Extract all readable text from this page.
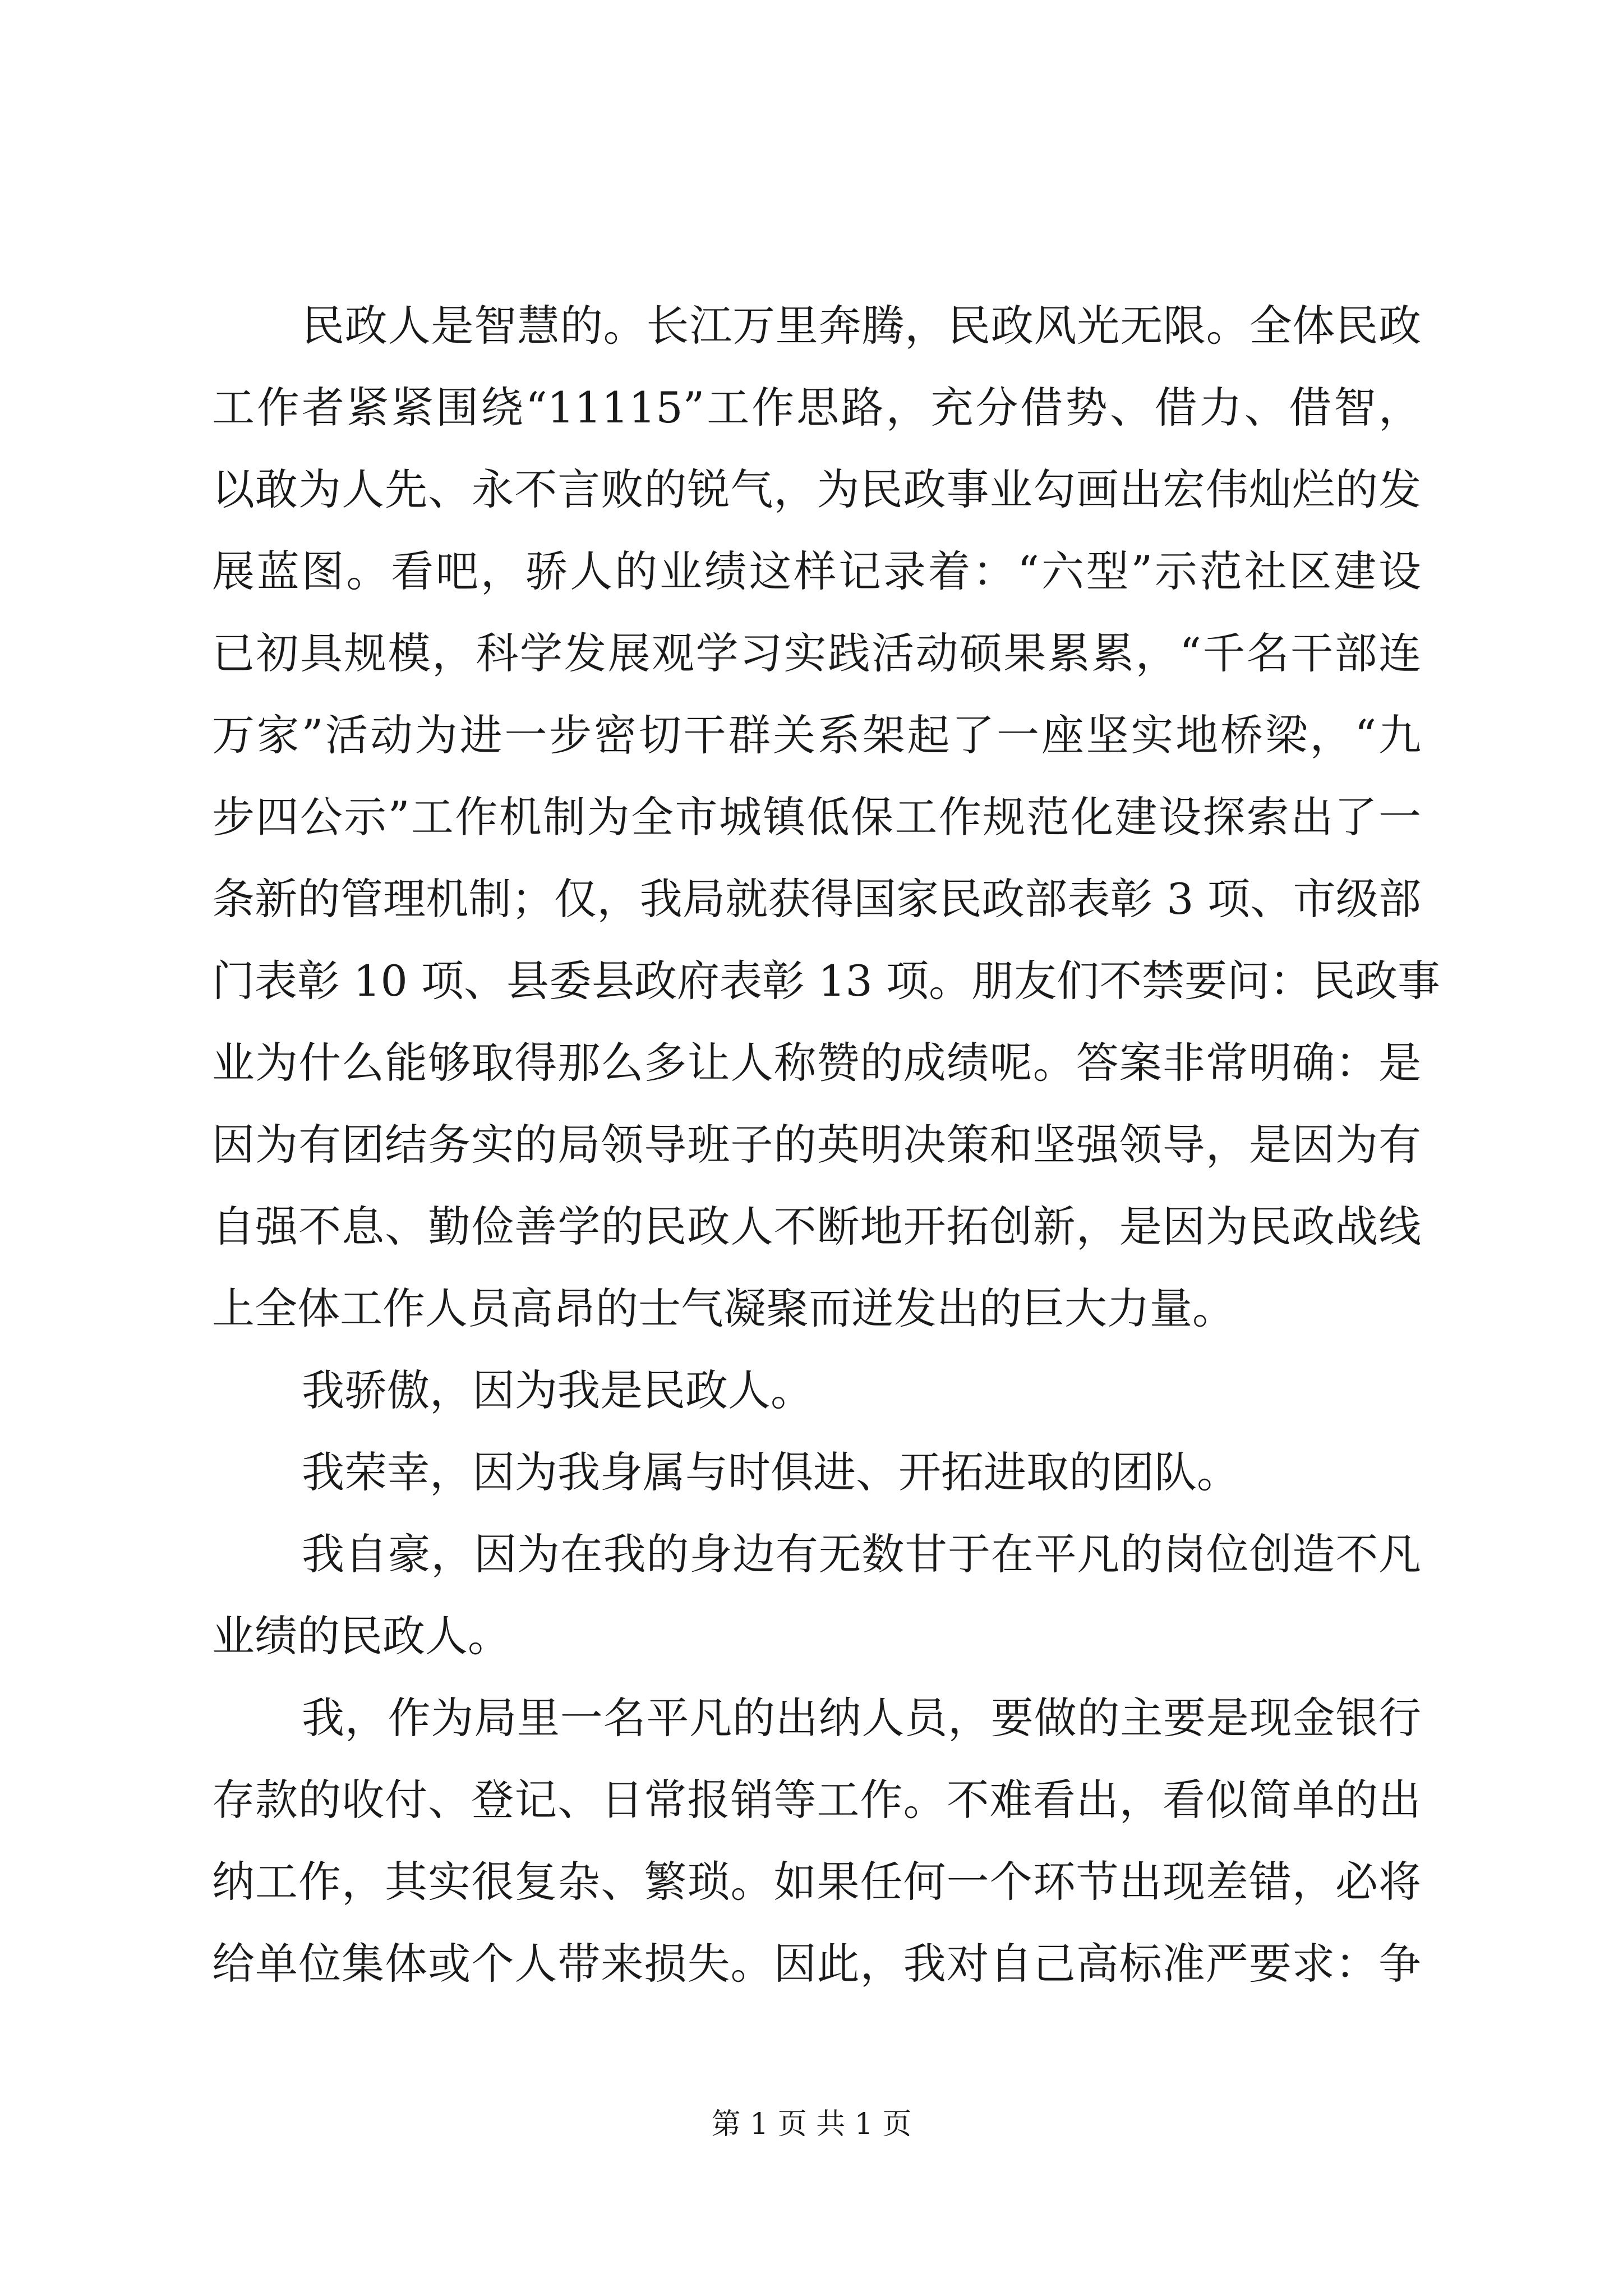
民政人是智慧的。长江万里奔腾，民政风光无限。全体民政
工作者紧紧围绕“11115”工作思路，充分借势、借力、借智，
以敢为人先、永不言败的锐气，为民政事业勾画出宏伟灿烂的发
展蓝图。看吧，骄人的业绩这样记录着：“六型”示范社区建设
已初具规模，科学发展观学习实践活动硕果累累，“千名干部连
万家”活动为进一步密切干群关系架起了一座坚实地桥梁，“九
步四公示”工作机制为全市城镇低保工作规范化建设探索出了一
条新的管理机制；仅，我局就获得国家民政部表彰 3 项、市级部
门表彰 10 项、县委县政府表彰 13 项。朋友们不禁要问：民政事
业为什么能够取得那么多让人称赞的成绩呢。答案非常明确：是
因为有团结务实的局领导班子的英明决策和坚强领导，是因为有
自强不息、勤俭善学的民政人不断地开拓创新，是因为民政战线
上全体工作人员高昂的士气凝聚而迸发出的巨大力量。
我骄傲，因为我是民政人。
我荣幸，因为我身属与时俱进、开拓进取的团队。
我自豪，因为在我的身边有无数甘于在平凡的岗位创造不凡
业绩的民政人。
我，作为局里一名平凡的出纳人员，要做的主要是现金银行
存款的收付、登记、日常报销等工作。不难看出，看似简单的出
纳工作，其实很复杂、繁琐。如果任何一个环节出现差错，必将
给单位集体或个人带来损失。因此，我对自己高标准严要求：争
第 1 页 共 1 页
